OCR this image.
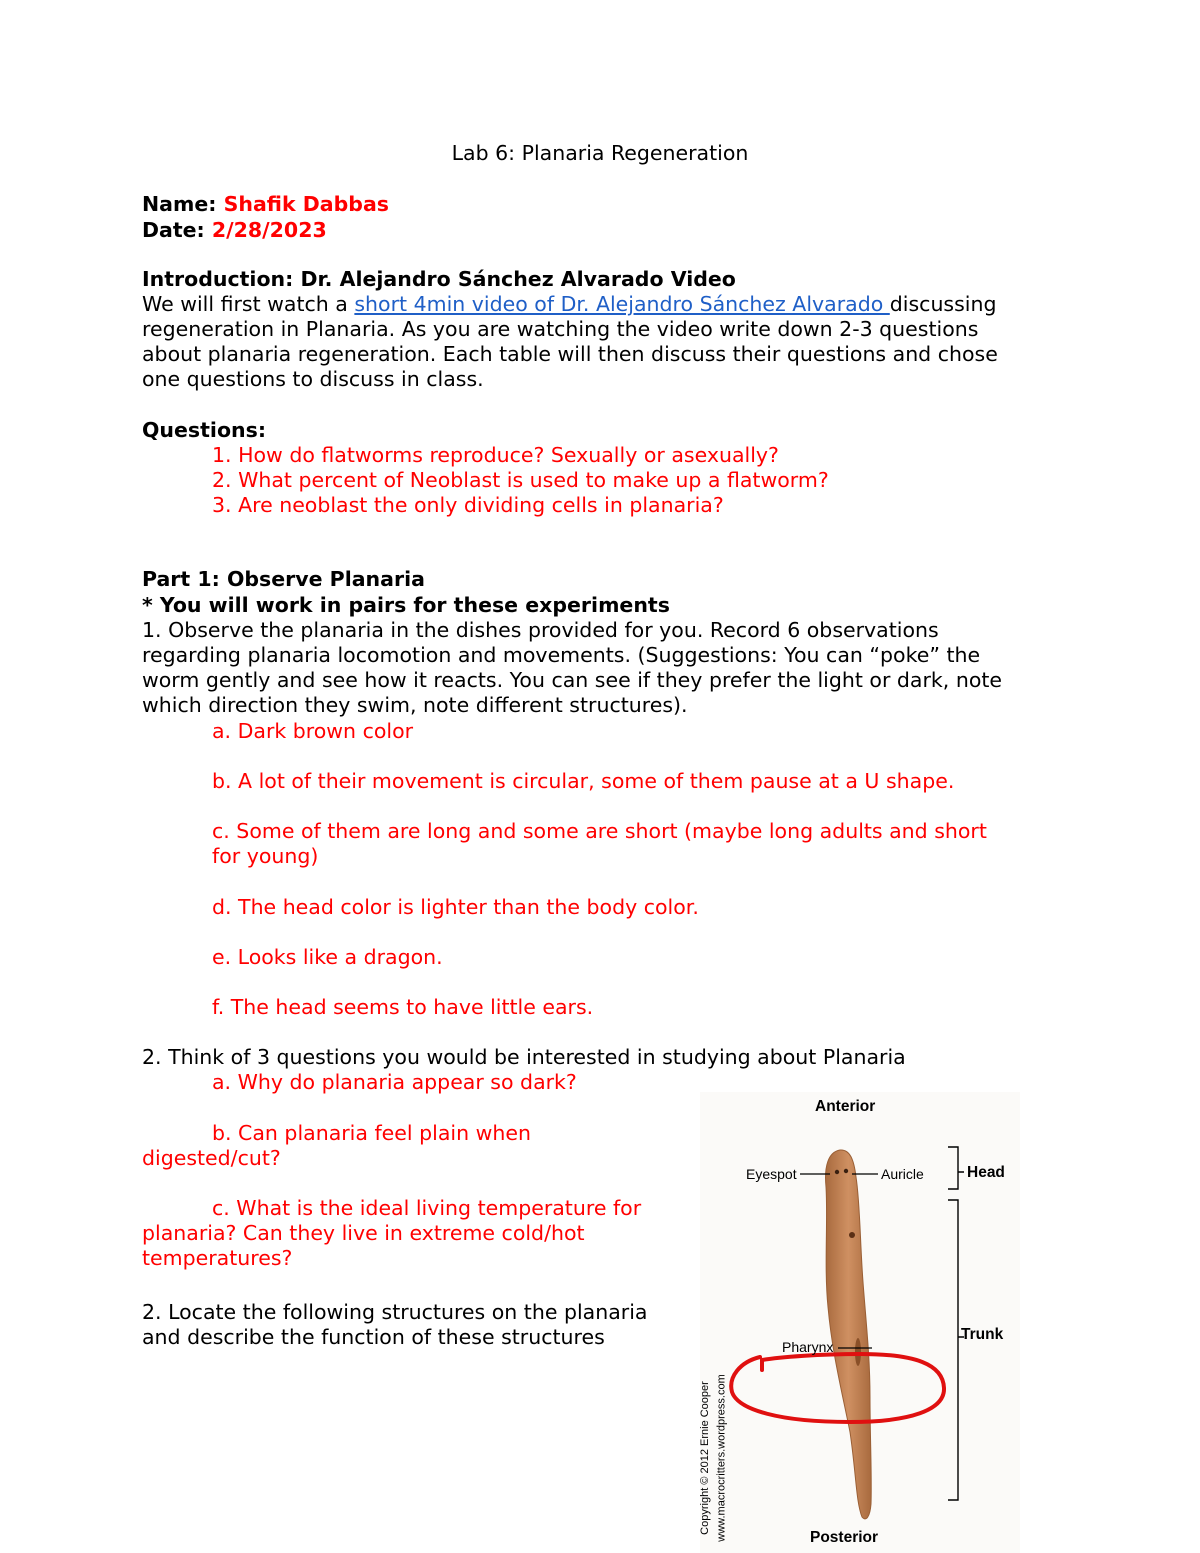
Lab 6: Planaria Regeneration
Name: Shafik Dabbas
Date: 2/28/2023
Introduction: Dr. Alejandro Sánchez Alvarado Video
We will first watch a short 4min video of Dr. Alejandro Sánchez Alvarado discussing
regeneration in Planaria. As you are watching the video write down 2-3 questions
about planaria regeneration. Each table will then discuss their questions and chose
one questions to discuss in class.
Questions:
1. How do flatworms reproduce? Sexually or asexually?
2. What percent of Neoblast is used to make up a flatworm?
3. Are neoblast the only dividing cells in planaria?
Part 1: Observe Planaria
* You will work in pairs for these experiments
1. Observe the planaria in the dishes provided for you. Record 6 observations
regarding planaria locomotion and movements. (Suggestions: You can “poke” the
worm gently and see how it reacts. You can see if they prefer the light or dark, note
which direction they swim, note different structures).
a. Dark brown color
b. A lot of their movement is circular, some of them pause at a U shape.
c. Some of them are long and some are short (maybe long adults and short
for young)
d. The head color is lighter than the body color.
e. Looks like a dragon.
f. The head seems to have little ears.
2. Think of 3 questions you would be interested in studying about Planaria
a. Why do planaria appear so dark?
b. Can planaria feel plain when
digested/cut?
c. What is the ideal living temperature for
planaria? Can they live in extreme cold/hot
temperatures?
2. Locate the following structures on the planaria
and describe the function of these structures
Anterior
Eyespot	Auricle	Head
Pharynx
Trunk
Posterior
Copyright © 2012 Ernie Cooper www.macrocritters.wordpress.com
